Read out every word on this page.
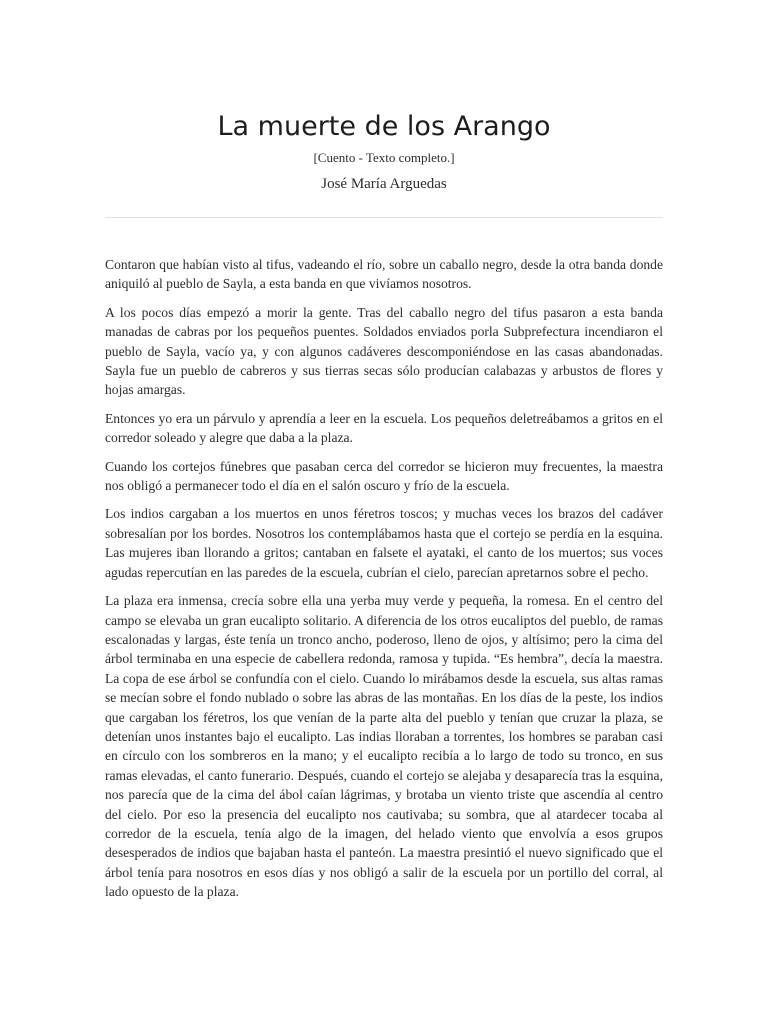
La muerte de los Arango
[Cuento - Texto completo.]
José María Arguedas

Contaron que habían visto al tifus, vadeando el río, sobre un caballo negro, desde la otra banda donde aniquiló al pueblo de Sayla, a esta banda en que vivíamos nosotros.

A los pocos días empezó a morir la gente. Tras del caballo negro del tifus pasaron a esta banda manadas de cabras por los pequeños puentes. Soldados enviados porla Subprefectura incendiaron el pueblo de Sayla, vacío ya, y con algunos cadáveres descomponiéndose en las casas abandonadas. Sayla fue un pueblo de cabreros y sus tierras secas sólo producían calabazas y arbustos de flores y hojas amargas.

Entonces yo era un párvulo y aprendía a leer en la escuela. Los pequeños deletreábamos a gritos en el corredor soleado y alegre que daba a la plaza.

Cuando los cortejos fúnebres que pasaban cerca del corredor se hicieron muy frecuentes, la maestra nos obligó a permanecer todo el día en el salón oscuro y frío de la escuela.

Los indios cargaban a los muertos en unos féretros toscos; y muchas veces los brazos del cadáver sobresalían por los bordes. Nosotros los contemplábamos hasta que el cortejo se perdía en la esquina. Las mujeres iban llorando a gritos; cantaban en falsete el ayataki, el canto de los muertos; sus voces agudas repercutían en las paredes de la escuela, cubrían el cielo, parecían apretarnos sobre el pecho.

La plaza era inmensa, crecía sobre ella una yerba muy verde y pequeña, la romesa. En el centro del campo se elevaba un gran eucalipto solitario. A diferencia de los otros eucaliptos del pueblo, de ramas escalonadas y largas, éste tenía un tronco ancho, poderoso, lleno de ojos, y altísimo; pero la cima del árbol terminaba en una especie de cabellera redonda, ramosa y tupida. “Es hembra”, decía la maestra. La copa de ese árbol se confundía con el cielo. Cuando lo mirábamos desde la escuela, sus altas ramas se mecían sobre el fondo nublado o sobre las abras de las montañas. En los días de la peste, los indios que cargaban los féretros, los que venían de la parte alta del pueblo y tenían que cruzar la plaza, se detenían unos instantes bajo el eucalipto. Las indias lloraban a torrentes, los hombres se paraban casi en círculo con los sombreros en la mano; y el eucalipto recibía a lo largo de todo su tronco, en sus ramas elevadas, el canto funerario. Después, cuando el cortejo se alejaba y desaparecía tras la esquina, nos parecía que de la cima del ábol caían lágrimas, y brotaba un viento triste que ascendía al centro del cielo. Por eso la presencia del eucalipto nos cautivaba; su sombra, que al atardecer tocaba al corredor de la escuela, tenía algo de la imagen, del helado viento que envolvía a esos grupos desesperados de indios que bajaban hasta el panteón. La maestra presintió el nuevo significado que el árbol tenía para nosotros en esos días y nos obligó a salir de la escuela por un portillo del corral, al lado opuesto de la plaza.
